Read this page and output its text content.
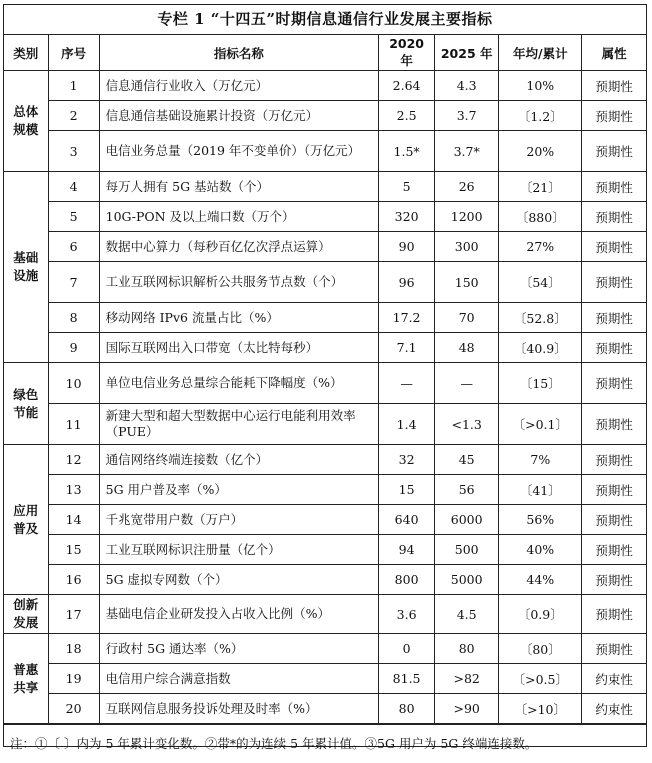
专栏 1 “十四五”时期信息通信行业发展主要指标
类别	序号	指标名称	2020 年	2025 年	年均/累计	属性
总体
规模	1	信息通信行业收入（万亿元）	2.64	4.3	10%	预期性
	2	信息通信基础设施累计投资（万亿元）	2.5	3.7	〔1.2〕	预期性
	3	电信业务总量（2019 年不变单价）（万亿元）	1.5*	3.7*	20%	预期性
基础
设施	4	每万人拥有 5G 基站数（个）	5	26	〔21〕	预期性
	5	10G-PON 及以上端口数（万个）	320	1200	〔880〕	预期性
	6	数据中心算力（每秒百亿亿次浮点运算）	90	300	27%	预期性
	7	工业互联网标识解析公共服务节点数（个）	96	150	〔54〕	预期性
	8	移动网络 IPv6 流量占比（%）	17.2	70	〔52.8〕	预期性
	9	国际互联网出入口带宽（太比特每秒）	7.1	48	〔40.9〕	预期性
绿色
节能	10	单位电信业务总量综合能耗下降幅度（%）	—	—	〔15〕	预期性
	11	新建大型和超大型数据中心运行电能利用效率（PUE）	1.4	<1.3	〔>0.1〕	预期性
应用
普及	12	通信网络终端连接数（亿个）	32	45	7%	预期性
	13	5G 用户普及率（%）	15	56	〔41〕	预期性
	14	千兆宽带用户数（万户）	640	6000	56%	预期性
	15	工业互联网标识注册量（亿个）	94	500	40%	预期性
	16	5G 虚拟专网数（个）	800	5000	44%	预期性
创新
发展	17	基础电信企业研发投入占收入比例（%）	3.6	4.5	〔0.9〕	预期性
普惠
共享	18	行政村 5G 通达率（%）	0	80	〔80〕	预期性
	19	电信用户综合满意指数	81.5	>82	〔>0.5〕	约束性
	20	互联网信息服务投诉处理及时率（%）	80	>90	〔>10〕	约束性
注：①〔 〕内为 5 年累计变化数。②带*的为连续 5 年累计值。③5G 用户为 5G 终端连接数。
